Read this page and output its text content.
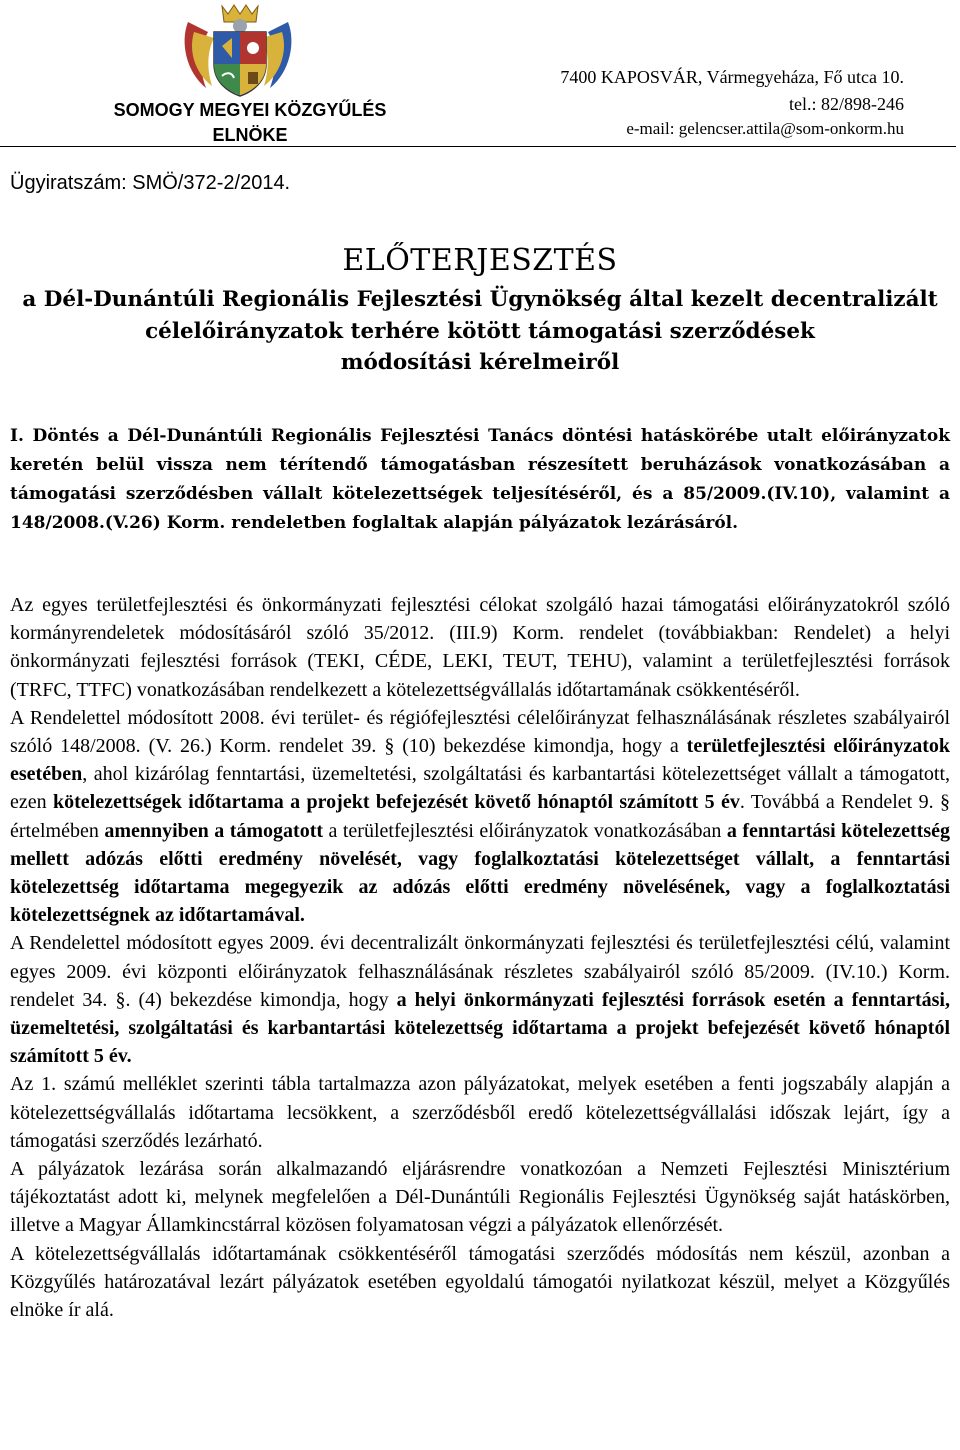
SOMOGY MEGYEI KÖZGYŰLÉS
ELNÖKE
7400 KAPOSVÁR, Vármegyeháza, Fő utca 10.
tel.: 82/898-246
e-mail: gelencser.attila@som-onkorm.hu
Ügyiratszám: SMÖ/372-2/2014.
ELŐTERJESZTÉS
a Dél-Dunántúli Regionális Fejlesztési Ügynökség által kezelt decentralizált
célelőirányzatok terhére kötött támogatási szerződések
módosítási kérelmeiről
I. Döntés a Dél-Dunántúli Regionális Fejlesztési Tanács döntési hatáskörébe utalt előirányzatok keretén belül vissza nem térítendő támogatásban részesített beruházások vonatkozásában a támogatási szerződésben vállalt kötelezettségek teljesítéséről, és a 85/2009.(IV.10), valamint a 148/2008.(V.26) Korm. rendeletben foglaltak alapján pályázatok lezárásáról.

Az egyes területfejlesztési és önkormányzati fejlesztési célokat szolgáló hazai támogatási előirányzatokról szóló kormányrendeletek módosításáról szóló 35/2012. (III.9) Korm. rendelet (továbbiakban: Rendelet) a helyi önkormányzati fejlesztési források (TEKI, CÉDE, LEKI, TEUT, TEHU), valamint a területfejlesztési források (TRFC, TTFC) vonatkozásában rendelkezett a kötelezettségvállalás időtartamának csökkentéséről.

A Rendelettel módosított 2008. évi terület- és régiófejlesztési célelőirányzat felhasználásának részletes szabályairól szóló 148/2008. (V. 26.) Korm. rendelet 39. § (10) bekezdése kimondja, hogy a területfejlesztési előirányzatok esetében, ahol kizárólag fenntartási, üzemeltetési, szolgáltatási és karbantartási kötelezettséget vállalt a támogatott, ezen kötelezettségek időtartama a projekt befejezését követő hónaptól számított 5 év. Továbbá a Rendelet 9. § értelmében amennyiben a támogatott a területfejlesztési előirányzatok vonatkozásában a fenntartási kötelezettség mellett adózás előtti eredmény növelését, vagy foglalkoztatási kötelezettséget vállalt, a fenntartási kötelezettség időtartama megegyezik az adózás előtti eredmény növelésének, vagy a foglalkoztatási kötelezettségnek az időtartamával.

A Rendelettel módosított egyes 2009. évi decentralizált önkormányzati fejlesztési és területfejlesztési célú, valamint egyes 2009. évi központi előirányzatok felhasználásának részletes szabályairól szóló 85/2009. (IV.10.) Korm. rendelet 34. §. (4) bekezdése kimondja, hogy a helyi önkormányzati fejlesztési források esetén a fenntartási, üzemeltetési, szolgáltatási és karbantartási kötelezettség időtartama a projekt befejezését követő hónaptól számított 5 év.

Az 1. számú melléklet szerinti tábla tartalmazza azon pályázatokat, melyek esetében a fenti jogszabály alapján a kötelezettségvállalás időtartama lecsökkent, a szerződésből eredő kötelezettségvállalási időszak lejárt, így a támogatási szerződés lezárható.

A pályázatok lezárása során alkalmazandó eljárásrendre vonatkozóan a Nemzeti Fejlesztési Minisztérium tájékoztatást adott ki, melynek megfelelően a Dél-Dunántúli Regionális Fejlesztési Ügynökség saját hatáskörben, illetve a Magyar Államkincstárral közösen folyamatosan végzi a pályázatok ellenőrzését.

A kötelezettségvállalás időtartamának csökkentéséről támogatási szerződés módosítás nem készül, azonban a Közgyűlés határozatával lezárt pályázatok esetében egyoldalú támogatói nyilatkozat készül, melyet a Közgyűlés elnöke ír alá.
